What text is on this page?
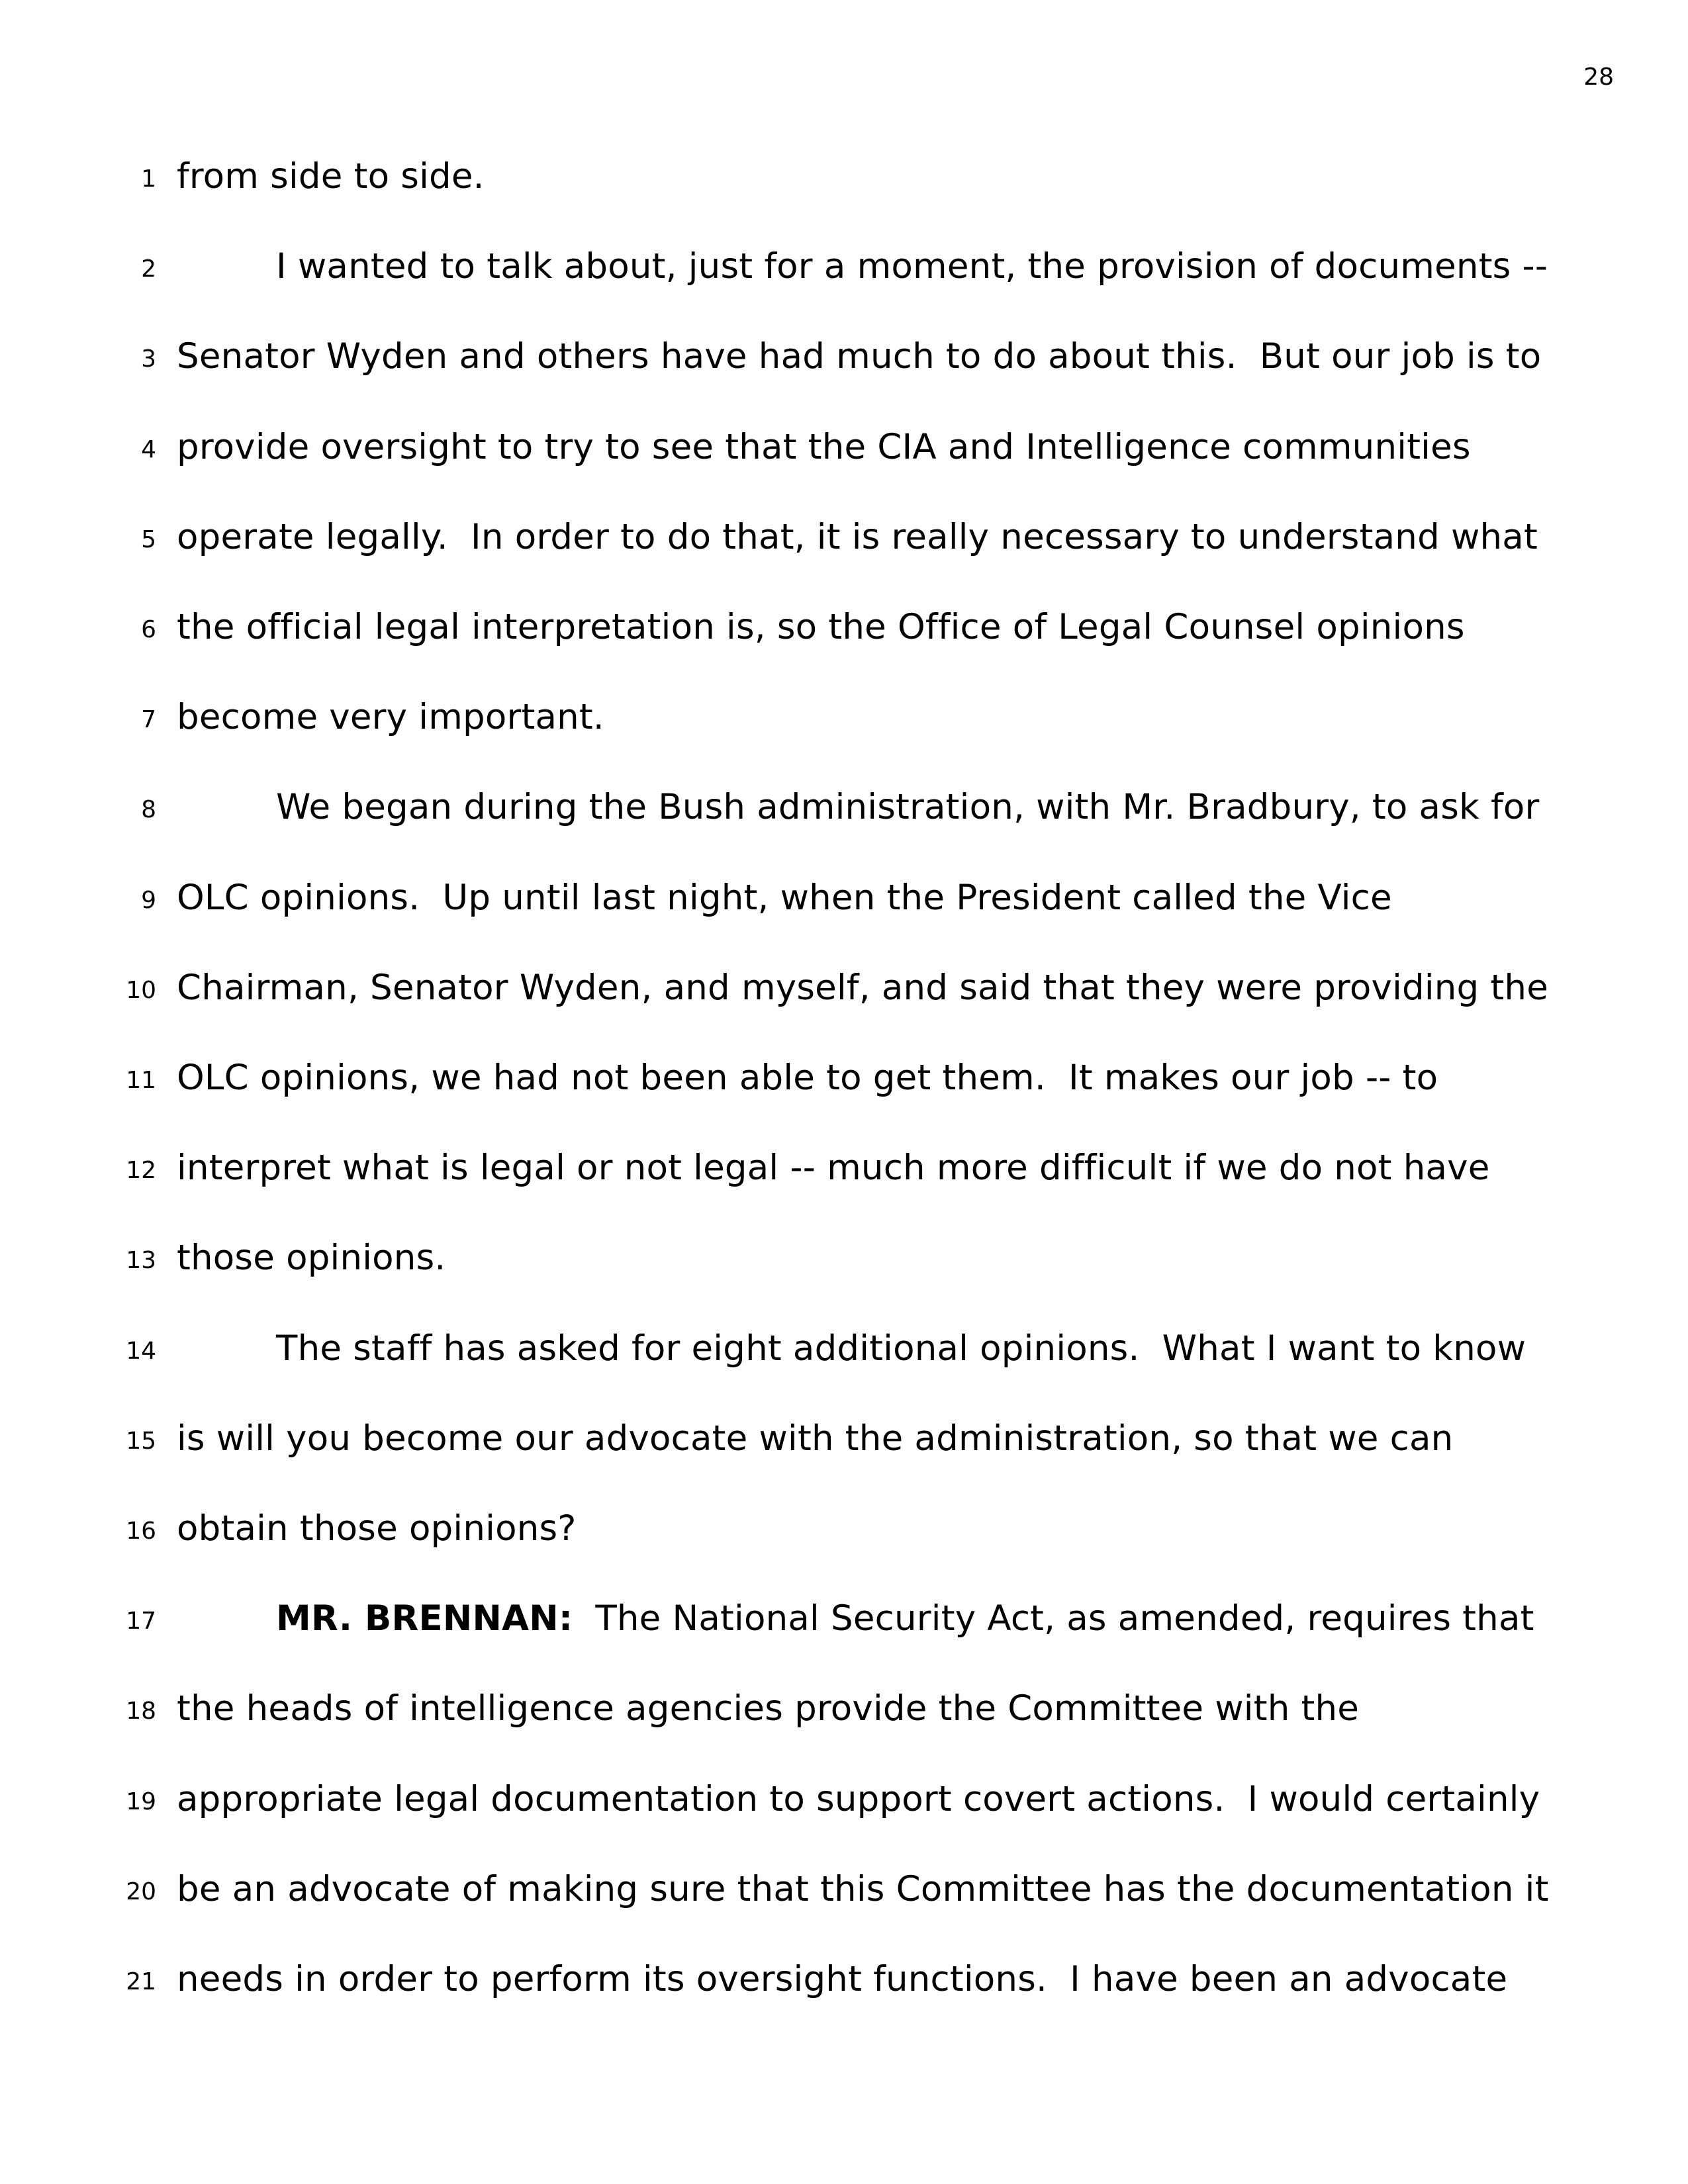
28
1 from side to side.
2	I wanted to talk about, just for a moment, the provision of documents --
3 Senator Wyden and others have had much to do about this.  But our job is to
4 provide oversight to try to see that the CIA and Intelligence communities
5 operate legally.  In order to do that, it is really necessary to understand what
6 the official legal interpretation is, so the Office of Legal Counsel opinions
7 become very important.
8	We began during the Bush administration, with Mr. Bradbury, to ask for
9 OLC opinions.  Up until last night, when the President called the Vice
10 Chairman, Senator Wyden, and myself, and said that they were providing the
11 OLC opinions, we had not been able to get them.  It makes our job -- to
12 interpret what is legal or not legal -- much more difficult if we do not have
13 those opinions.
14	The staff has asked for eight additional opinions.  What I want to know
15 is will you become our advocate with the administration, so that we can
16 obtain those opinions?
17	MR. BRENNAN:  The National Security Act, as amended, requires that
18 the heads of intelligence agencies provide the Committee with the
19 appropriate legal documentation to support covert actions.  I would certainly
20 be an advocate of making sure that this Committee has the documentation it
21 needs in order to perform its oversight functions.  I have been an advocate
